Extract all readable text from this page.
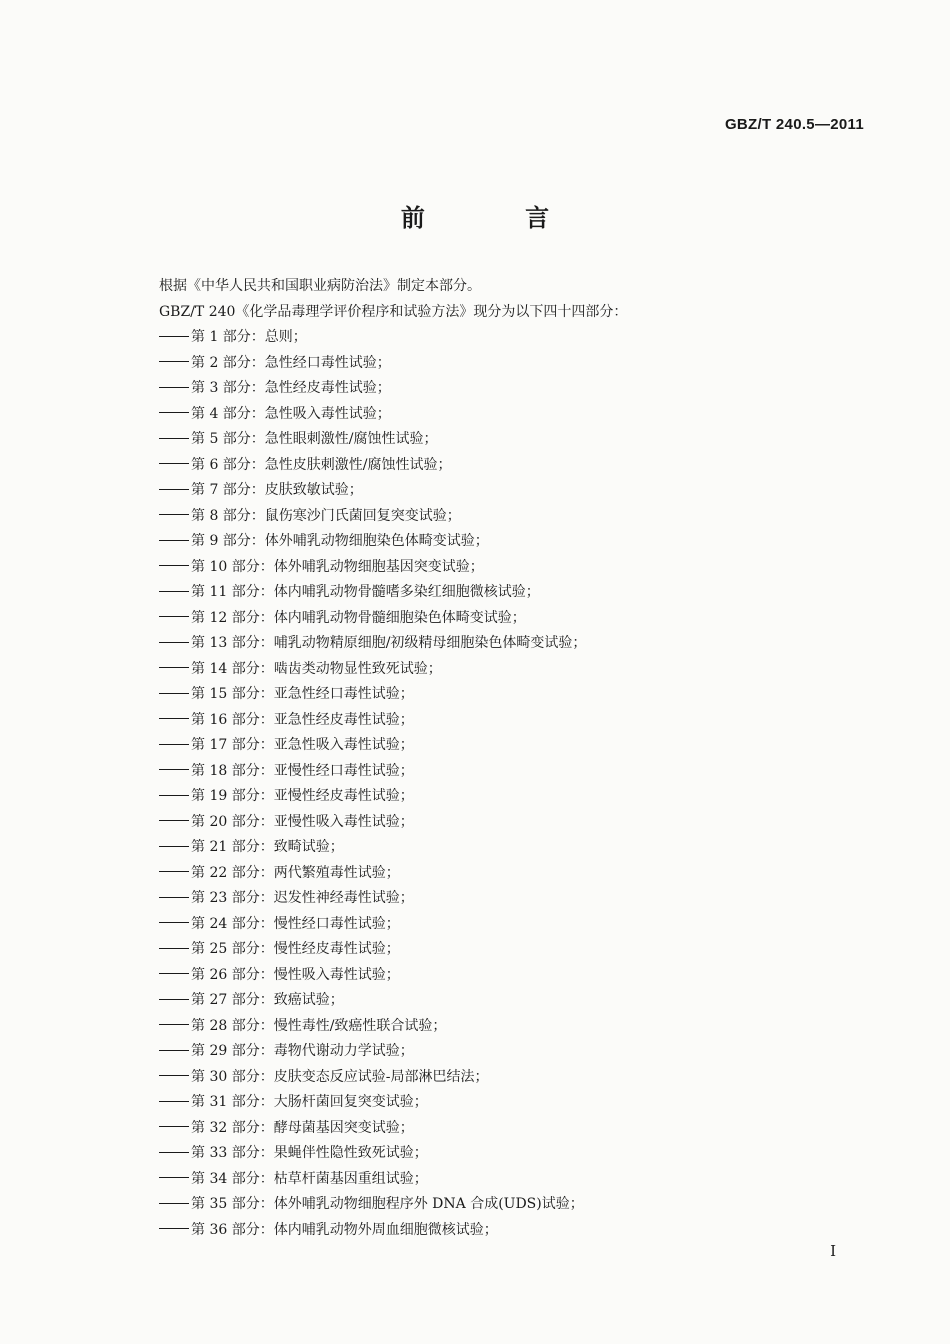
GBZ/T 240.5—2011
前 言

根据《中华人民共和国职业病防治法》制定本部分。

GBZ/T 240《化学品毒理学评价程序和试验方法》现分为以下四十四部分：

第 1 部分：总则；

第 2 部分：急性经口毒性试验；

第 3 部分：急性经皮毒性试验；

第 4 部分：急性吸入毒性试验；

第 5 部分：急性眼刺激性/腐蚀性试验；

第 6 部分：急性皮肤刺激性/腐蚀性试验；

第 7 部分：皮肤致敏试验；

第 8 部分：鼠伤寒沙门氏菌回复突变试验；

第 9 部分：体外哺乳动物细胞染色体畸变试验；

第 10 部分：体外哺乳动物细胞基因突变试验；

第 11 部分：体内哺乳动物骨髓嗜多染红细胞微核试验；

第 12 部分：体内哺乳动物骨髓细胞染色体畸变试验；

第 13 部分：哺乳动物精原细胞/初级精母细胞染色体畸变试验；

第 14 部分：啮齿类动物显性致死试验；

第 15 部分：亚急性经口毒性试验；

第 16 部分：亚急性经皮毒性试验；

第 17 部分：亚急性吸入毒性试验；

第 18 部分：亚慢性经口毒性试验；

第 19 部分：亚慢性经皮毒性试验；

第 20 部分：亚慢性吸入毒性试验；

第 21 部分：致畸试验；

第 22 部分：两代繁殖毒性试验；

第 23 部分：迟发性神经毒性试验；

第 24 部分：慢性经口毒性试验；

第 25 部分：慢性经皮毒性试验；

第 26 部分：慢性吸入毒性试验；

第 27 部分：致癌试验；

第 28 部分：慢性毒性/致癌性联合试验；

第 29 部分：毒物代谢动力学试验；

第 30 部分：皮肤变态反应试验-局部淋巴结法；

第 31 部分：大肠杆菌回复突变试验；

第 32 部分：酵母菌基因突变试验；

第 33 部分：果蝇伴性隐性致死试验；

第 34 部分：枯草杆菌基因重组试验；

第 35 部分：体外哺乳动物细胞程序外 DNA 合成(UDS)试验；

第 36 部分：体内哺乳动物外周血细胞微核试验；

I
